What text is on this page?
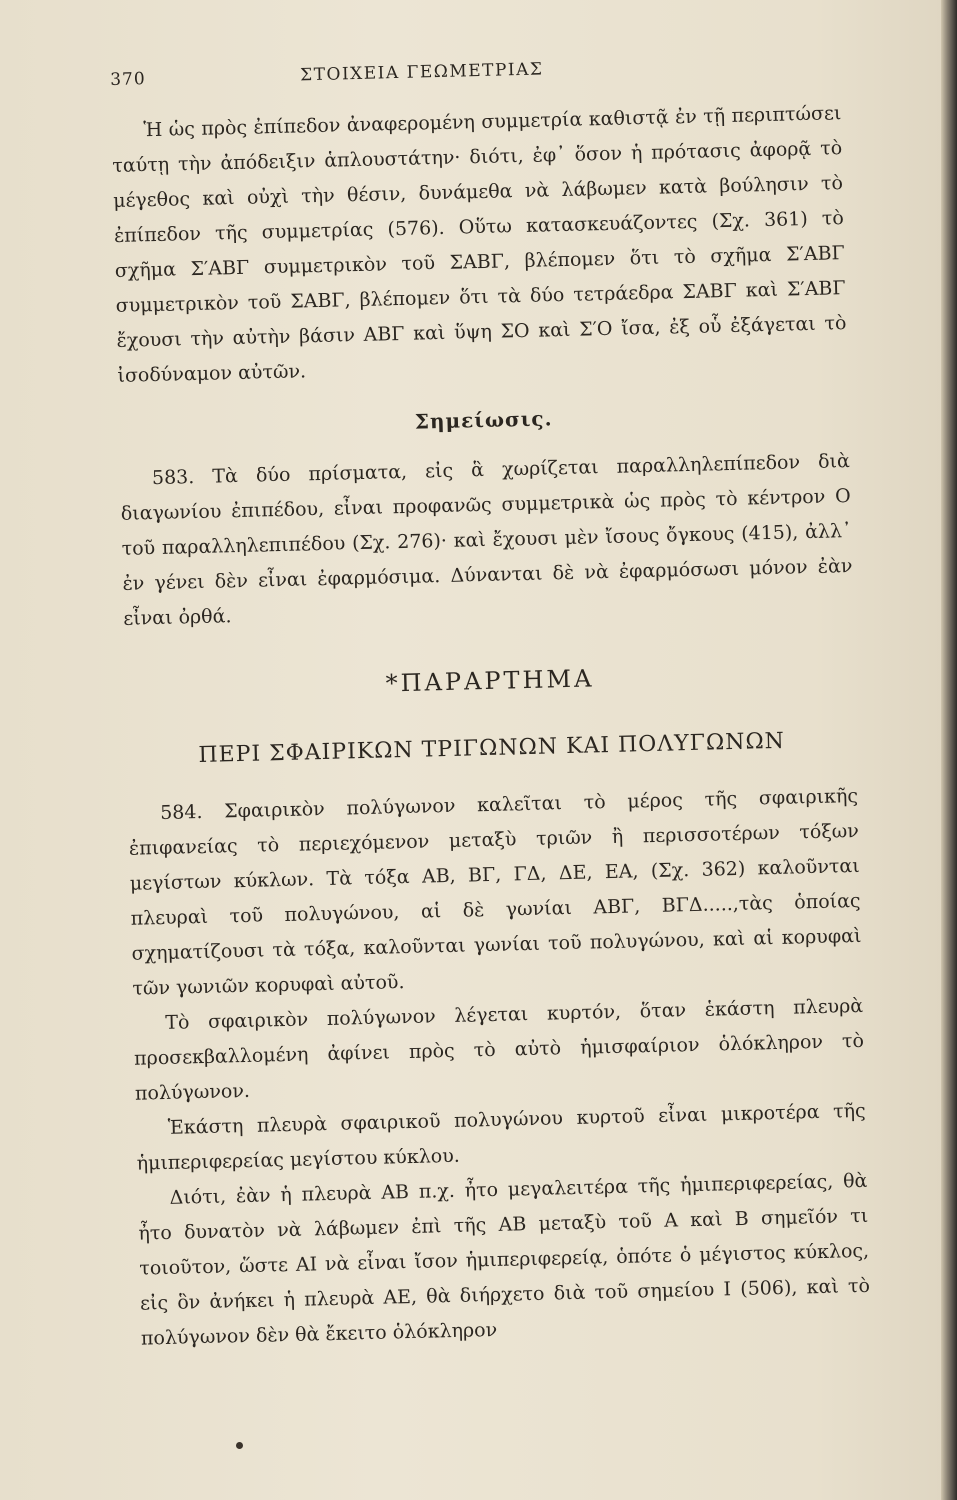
370	ΣΤΟΙΧΕΙΑ ΓΕΩΜΕΤΡΙΑΣ

Ἡ ὡς πρὸς ἐπίπεδον ἀναφερομένη συμμετρία καθιστᾷ ἐν τῇ περιπτώσει ταύτῃ τὴν ἀπόδειξιν ἁπλουστάτην· διότι, ἐφ᾽ ὅσον ἡ πρότασις ἀφορᾷ τὸ μέγεθος καὶ οὐχὶ τὴν θέσιν, δυνάμεθα νὰ λάβωμεν κατὰ βούλησιν τὸ ἐπίπεδον τῆς συμμετρίας (576). Οὕτω κατασκευάζοντες (Σχ. 361) τὸ σχῆμα Σ′ΑΒΓ συμμετρικὸν τοῦ ΣΑΒΓ, βλέπομεν ὅτι τὸ σχῆμα Σ′ΑΒΓ συμμετρικὸν τοῦ ΣΑΒΓ, βλέπομεν ὅτι τὰ δύο τετράεδρα ΣΑΒΓ καὶ Σ′ΑΒΓ ἔχουσι τὴν αὐτὴν βάσιν ΑΒΓ καὶ ὕψη ΣΟ καὶ Σ′Ο ἴσα, ἐξ οὗ ἐξάγεται τὸ ἰσοδύναμον αὐτῶν.

Σημείωσις.

583. Τὰ δύο πρίσματα, εἰς ἃ χωρίζεται παραλληλεπίπεδον διὰ διαγωνίου ἐπιπέδου, εἶναι προφανῶς συμμετρικὰ ὡς πρὸς τὸ κέντρον Ο τοῦ παραλληλεπιπέδου (Σχ. 276)· καὶ ἔχουσι μὲν ἴσους ὄγκους (415), ἀλλ᾽ ἐν γένει δὲν εἶναι ἐφαρμόσιμα. Δύνανται δὲ νὰ ἐφαρμόσωσι μόνον ἐὰν εἶναι ὀρθά.

*ΠΑΡΑΡΤΗΜΑ
ΠΕΡΙ ΣΦΑΙΡΙΚΩΝ ΤΡΙΓΩΝΩΝ ΚΑΙ ΠΟΛΥΓΩΝΩΝ

584. Σφαιρικὸν πολύγωνον καλεῖται τὸ μέρος τῆς σφαιρικῆς ἐπιφανείας τὸ περιεχόμενον μεταξὺ τριῶν ἢ περισσοτέρων τόξων μεγίστων κύκλων. Τὰ τόξα ΑΒ, ΒΓ, ΓΔ, ΔΕ, ΕΑ, (Σχ. 362) καλοῦνται πλευραὶ τοῦ πολυγώνου, αἱ δὲ γωνίαι ΑΒΓ, ΒΓΔ.....,τὰς ὁποίας σχηματίζουσι τὰ τόξα, καλοῦνται γωνίαι τοῦ πολυγώνου, καὶ αἱ κορυφαὶ τῶν γωνιῶν κορυφαὶ αὐτοῦ.

Τὸ σφαιρικὸν πολύγωνον λέγεται κυρτόν, ὅταν ἑκάστη πλευρὰ προσεκβαλλομένη ἀφίνει πρὸς τὸ αὐτὸ ἡμισφαίριον ὁλόκληρον τὸ πολύγωνον.

Ἑκάστη πλευρὰ σφαιρικοῦ πολυγώνου κυρτοῦ εἶναι μικροτέρα τῆς ἡμιπεριφερείας μεγίστου κύκλου.

Διότι, ἐὰν ἡ πλευρὰ ΑΒ π.χ. ἦτο μεγαλειτέρα τῆς ἡμιπεριφερείας, θὰ ἦτο δυνατὸν νὰ λάβωμεν ἐπὶ τῆς ΑΒ μεταξὺ τοῦ Α καὶ Β σημεῖόν τι τοιοῦτον, ὥστε ΑΙ νὰ εἶναι ἴσον ἡμιπεριφερείᾳ, ὁπότε ὁ μέγιστος κύκλος, εἰς ὃν ἀνήκει ἡ πλευρὰ ΑΕ, θὰ διήρχετο διὰ τοῦ σημείου Ι (506), καὶ τὸ πολύγωνον δὲν θὰ ἔκειτο ὁλόκληρον
